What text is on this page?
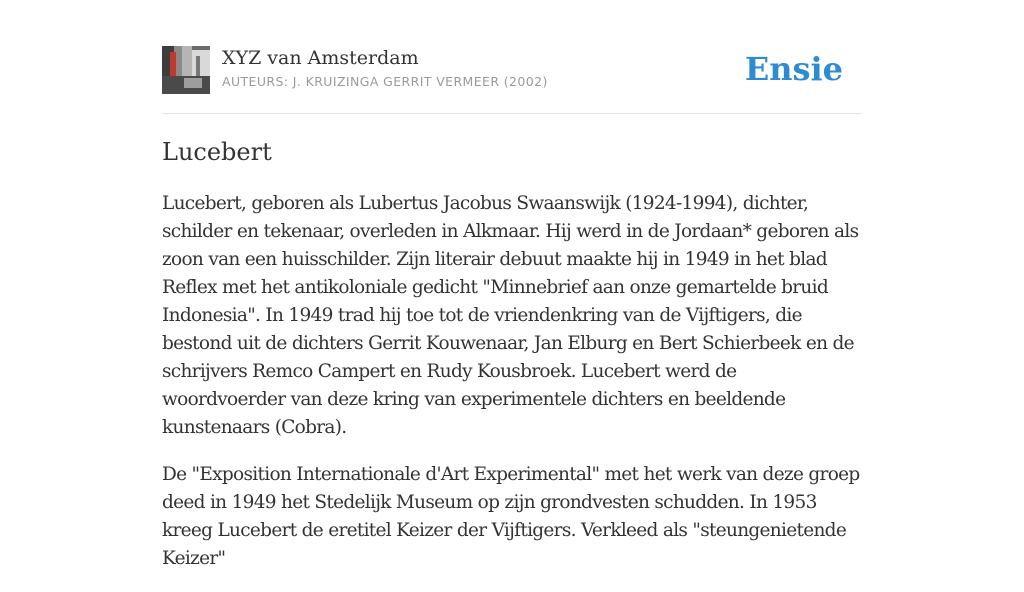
XYZ van Amsterdam
AUTEURS: J. KRUIZINGA GERRIT VERMEER (2002)	Ensie
Lucebert

Lucebert, geboren als Lubertus Jacobus Swaanswijk (1924-1994), dichter, schilder en tekenaar, overleden in Alkmaar. Hij werd in de Jordaan* geboren als zoon van een huisschilder. Zijn literair debuut maakte hij in 1949 in het blad Reflex met het antikoloniale gedicht "Minnebrief aan onze gemartelde bruid Indonesia". In 1949 trad hij toe tot de vriendenkring van de Vijftigers, die bestond uit de dichters Gerrit Kouwenaar, Jan Elburg en Bert Schierbeek en de schrijvers Remco Campert en Rudy Kousbroek. Lucebert werd de woordvoerder van deze kring van experimentele dichters en beeldende kunstenaars (Cobra).

De "Exposition Internationale d'Art Experimental" met het werk van deze groep deed in 1949 het Stedelijk Museum op zijn grondvesten schudden. In 1953 kreeg Lucebert de eretitel Keizer der Vijftigers. Verkleed als "steungenietende Keizer"
